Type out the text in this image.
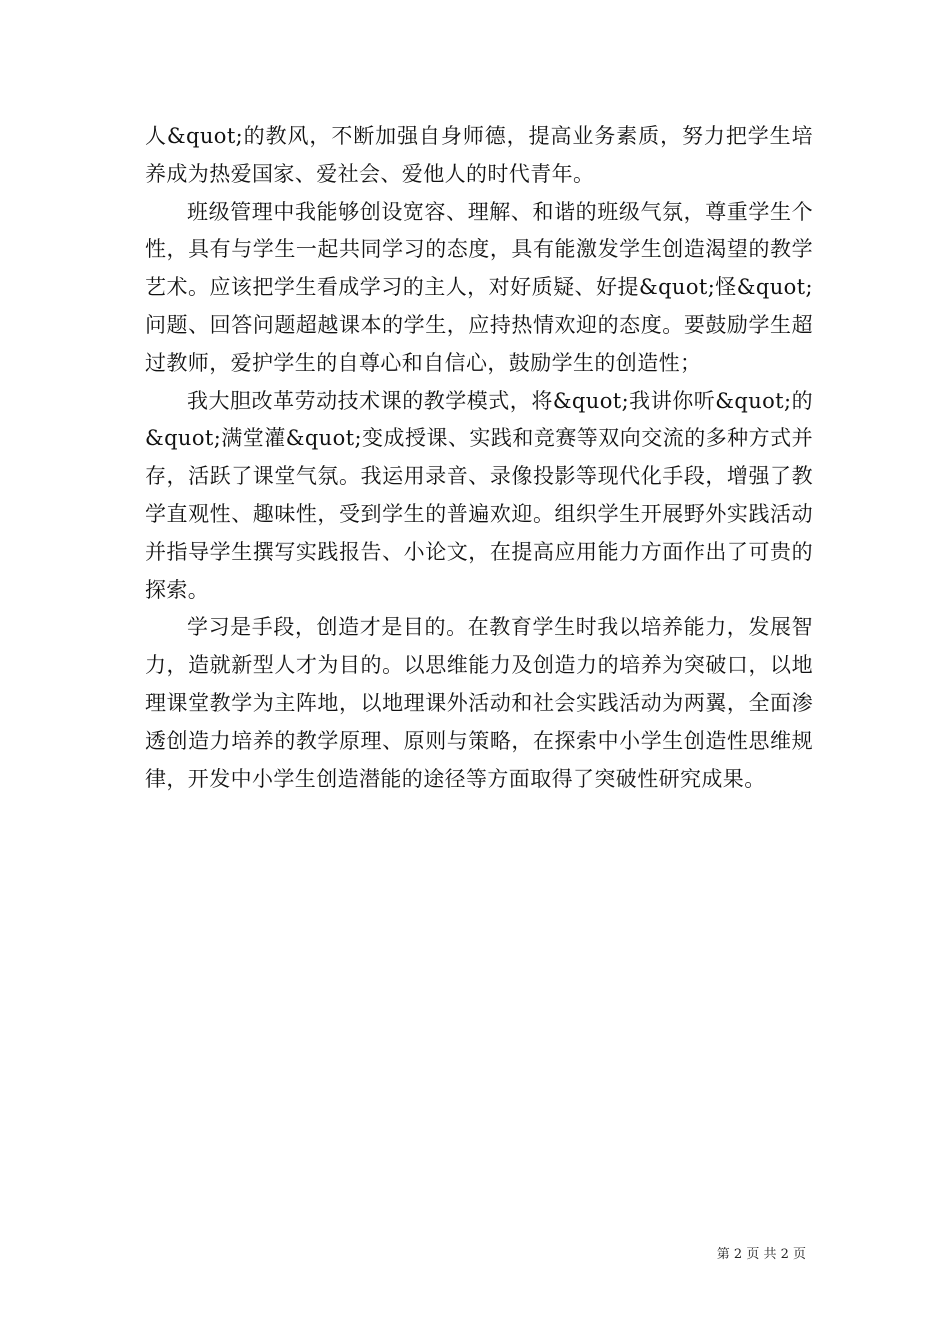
人&quot;的教风，不断加强自身师德，提高业务素质，努力把学生培养成为热爱国家、爱社会、爱他人的时代青年。

班级管理中我能够创设宽容、理解、和谐的班级气氛，尊重学生个性，具有与学生一起共同学习的态度，具有能激发学生创造渴望的教学艺术。应该把学生看成学习的主人，对好质疑、好提&quot;怪&quot;问题、回答问题超越课本的学生，应持热情欢迎的态度。要鼓励学生超过教师，爱护学生的自尊心和自信心，鼓励学生的创造性；

我大胆改革劳动技术课的教学模式，将&quot;我讲你听&quot;的&quot;满堂灌&quot;变成授课、实践和竞赛等双向交流的多种方式并存，活跃了课堂气氛。我运用录音、录像投影等现代化手段，增强了教学直观性、趣味性，受到学生的普遍欢迎。组织学生开展野外实践活动并指导学生撰写实践报告、小论文，在提高应用能力方面作出了可贵的探索。

学习是手段，创造才是目的。在教育学生时我以培养能力，发展智力，造就新型人才为目的。以思维能力及创造力的培养为突破口，以地理课堂教学为主阵地，以地理课外活动和社会实践活动为两翼，全面渗透创造力培养的教学原理、原则与策略，在探索中小学生创造性思维规律，开发中小学生创造潜能的途径等方面取得了突破性研究成果。

第 2 页 共 2 页
